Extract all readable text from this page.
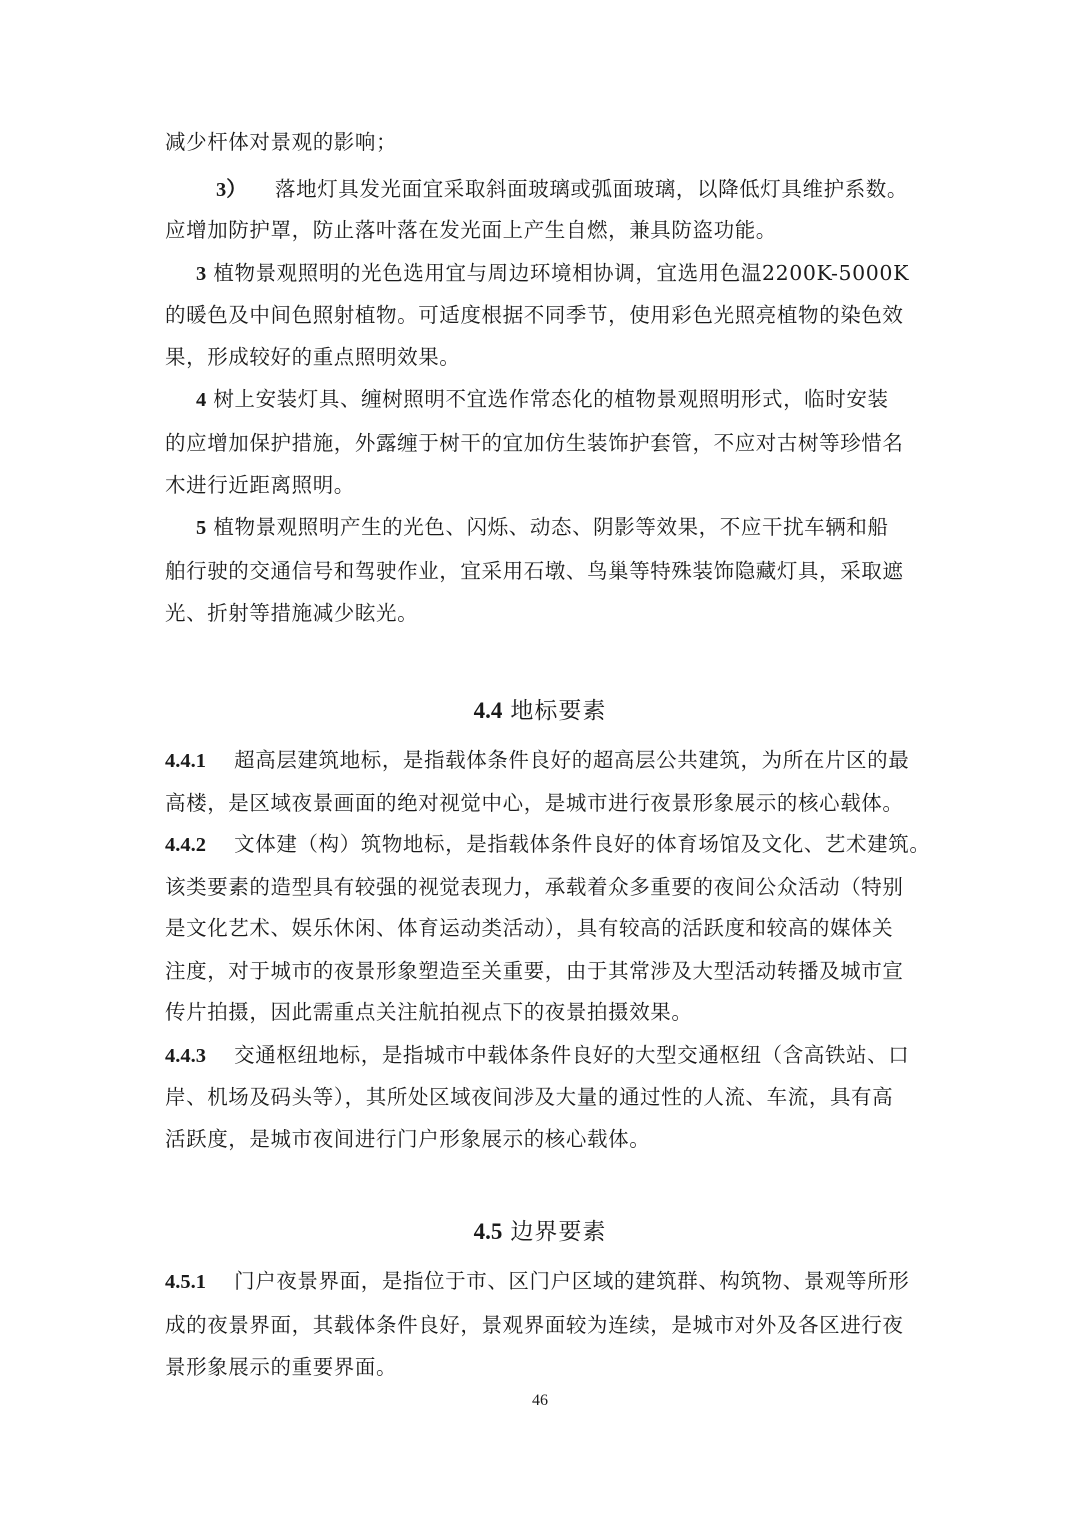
减少杆体对景观的影响；
3） 落地灯具发光面宜采取斜面玻璃或弧面玻璃，以降低灯具维护系数。
应增加防护罩，防止落叶落在发光面上产生自燃，兼具防盗功能。
3 植物景观照明的光色选用宜与周边环境相协调，宜选用色温2200K-5000K
的暖色及中间色照射植物。可适度根据不同季节，使用彩色光照亮植物的染色效
果，形成较好的重点照明效果。
4 树上安装灯具、缠树照明不宜选作常态化的植物景观照明形式，临时安装
的应增加保护措施，外露缠于树干的宜加仿生装饰护套管，不应对古树等珍惜名
木进行近距离照明。
5 植物景观照明产生的光色、闪烁、动态、阴影等效果，不应干扰车辆和船
舶行驶的交通信号和驾驶作业，宜采用石墩、鸟巢等特殊装饰隐藏灯具，采取遮
光、折射等措施减少眩光。
4.4 地标要素
4.4.1 超高层建筑地标，是指载体条件良好的超高层公共建筑，为所在片区的最
高楼，是区域夜景画面的绝对视觉中心，是城市进行夜景形象展示的核心载体。
4.4.2 文体建（构）筑物地标，是指载体条件良好的体育场馆及文化、艺术建筑。
该类要素的造型具有较强的视觉表现力，承载着众多重要的夜间公众活动（特别
是文化艺术、娱乐休闲、体育运动类活动），具有较高的活跃度和较高的媒体关
注度，对于城市的夜景形象塑造至关重要，由于其常涉及大型活动转播及城市宣
传片拍摄，因此需重点关注航拍视点下的夜景拍摄效果。
4.4.3 交通枢纽地标，是指城市中载体条件良好的大型交通枢纽（含高铁站、口
岸、机场及码头等），其所处区域夜间涉及大量的通过性的人流、车流，具有高
活跃度，是城市夜间进行门户形象展示的核心载体。
4.5 边界要素
4.5.1 门户夜景界面，是指位于市、区门户区域的建筑群、构筑物、景观等所形
成的夜景界面，其载体条件良好，景观界面较为连续，是城市对外及各区进行夜
景形象展示的重要界面。
46
